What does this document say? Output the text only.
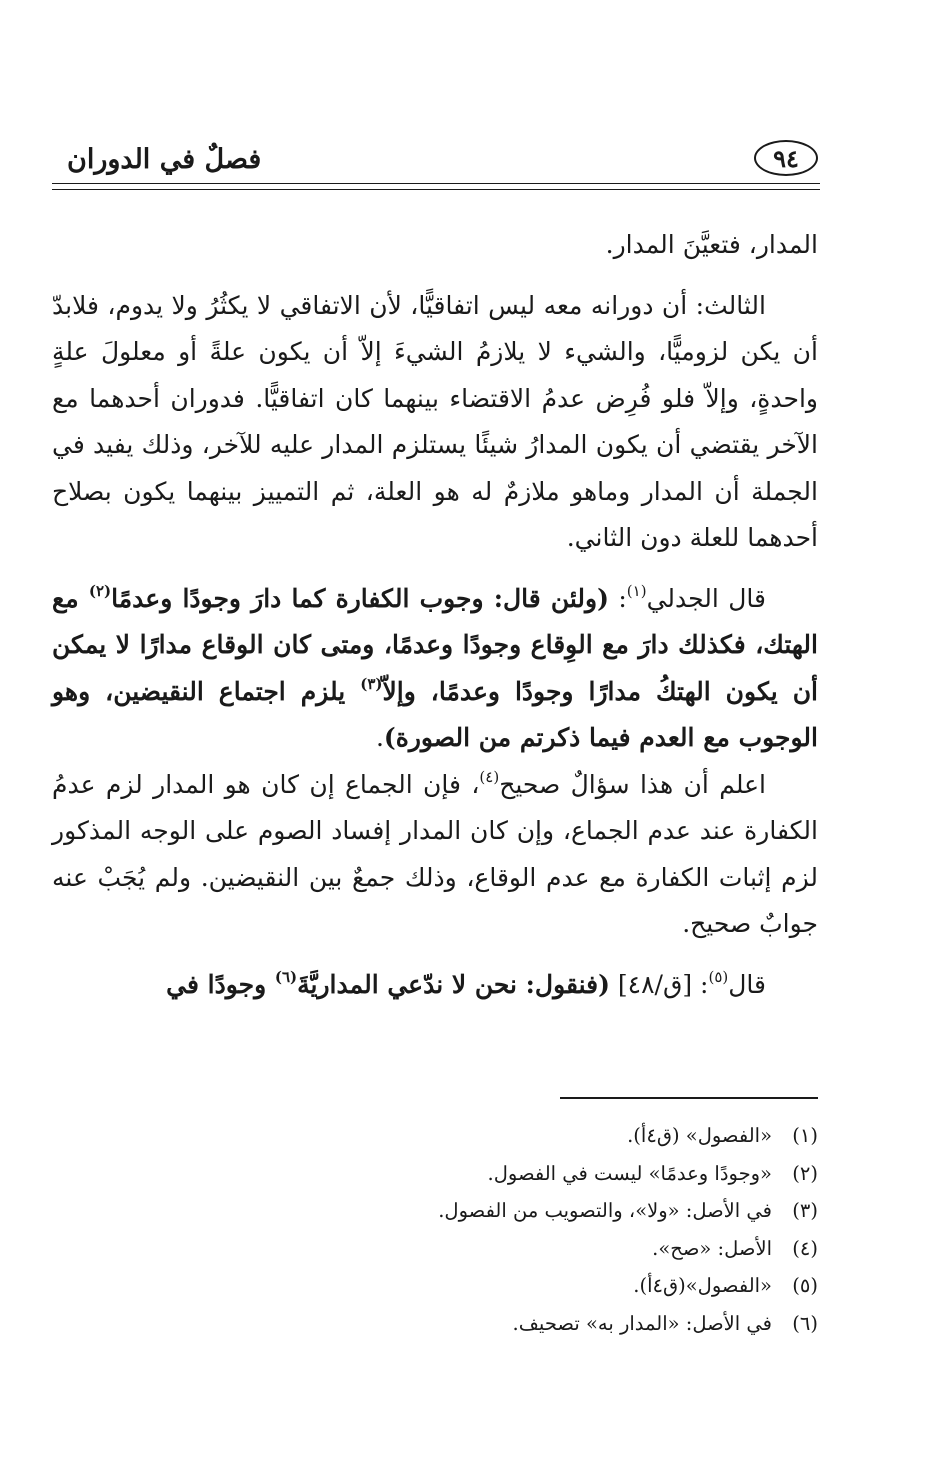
فصلٌ في الدوران	٩٤

المدار، فتعيَّنَ المدار.

الثالث: أن دورانه معه ليس اتفاقيًّا، لأن الاتفاقي لا يكثُرُ ولا يدوم، فلابدّ أن يكن لزوميًّا، والشيء لا يلازمُ الشيءَ إلاّ أن يكون علةً أو معلولَ علةٍ واحدةٍ، وإلاّ فلو فُرِض عدمُ الاقتضاء بينهما كان اتفاقيًّا. فدوران أحدهما مع الآخر يقتضي أن يكون المدارُ شيئًا يستلزم المدار عليه للآخر، وذلك يفيد في الجملة أن المدار وماهو ملازمٌ له هو العلة، ثم التمييز بينهما يكون بصلاح أحدهما للعلة دون الثاني.

قال الجدلي$^{(١)}$: (ولئن قال: وجوب الكفارة كما دارَ وجودًا وعدمًا$^{(٢)}$ مع الهتك، فكذلك دارَ مع الوِقاع وجودًا وعدمًا، ومتى كان الوقاع مدارًا لا يمكن أن يكون الهتكُ مدارًا وجودًا وعدمًا، وإلاّ$^{(٣)}$ يلزم اجتماع النقيضين، وهو الوجوب مع العدم فيما ذكرتم من الصورة).

اعلم أن هذا سؤالٌ صحيح$^{(٤)}$، فإن الجماع إن كان هو المدار لزم عدمُ الكفارة عند عدم الجماع، وإن كان المدار إفساد الصوم على الوجه المذكور لزم إثبات الكفارة مع عدم الوقاع، وذلك جمعٌ بين النقيضين. ولم يُجَبْ عنه جوابٌ صحيح.

قال$^{(٥)}$: [ق/٤٨] (فنقول: نحن لا ندّعي المداريَّةَ$^{(٦)}$ وجودًا في

(١)
«الفصول» (ق٤أ).
(٢)
«وجودًا وعدمًا» ليست في الفصول.
(٣)
في الأصل: «ولا»، والتصويب من الفصول.
(٤)
الأصل: «صح».
(٥)
«الفصول»(ق٤أ).
(٦)
في الأصل: «المدار به» تصحيف.
